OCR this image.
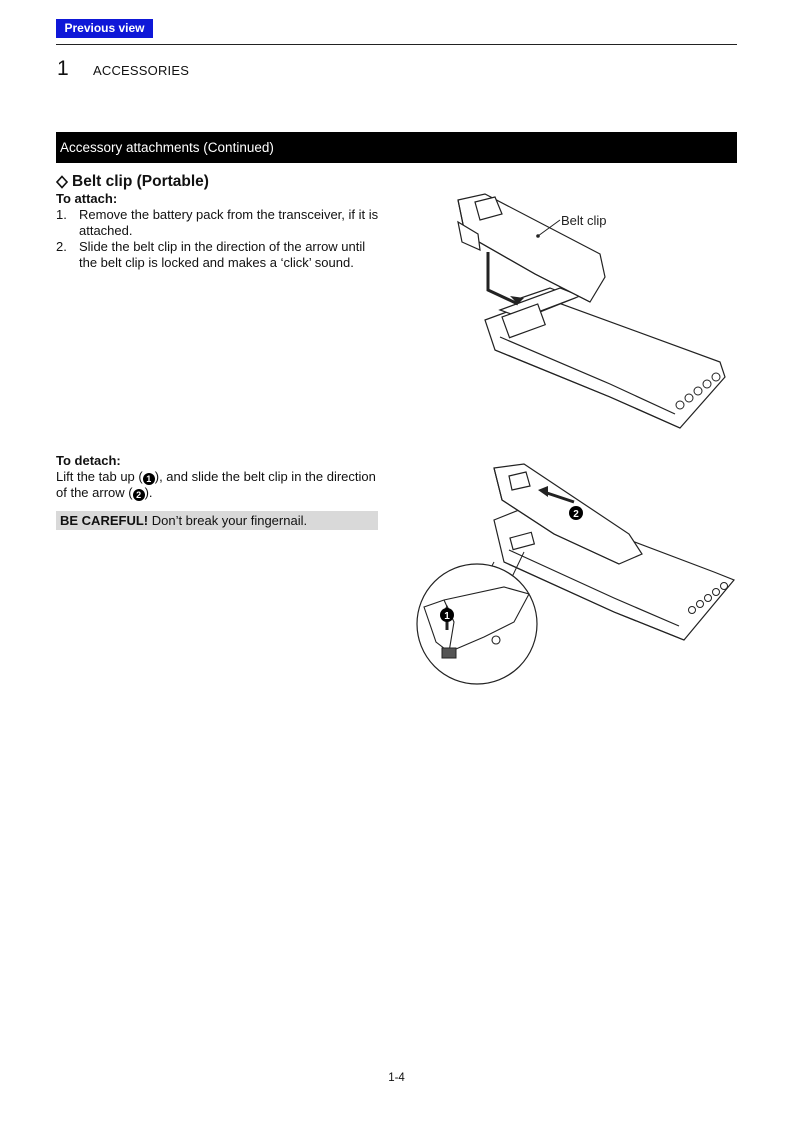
Previous view
1 ACCESSORIES
Accessory attachments (Continued)
Belt clip (Portable)
To attach:
1. Remove the battery pack from the transceiver, if it is attached.
2. Slide the belt clip in the direction of the arrow until the belt clip is locked and makes a ‘click’ sound.
Belt clip
To detach:
Lift the tab up ( 1 ), and slide the belt clip in the direction of the arrow ( 2 ).
BE CAREFUL! Don’t break your fingernail.	2
1
1-4
